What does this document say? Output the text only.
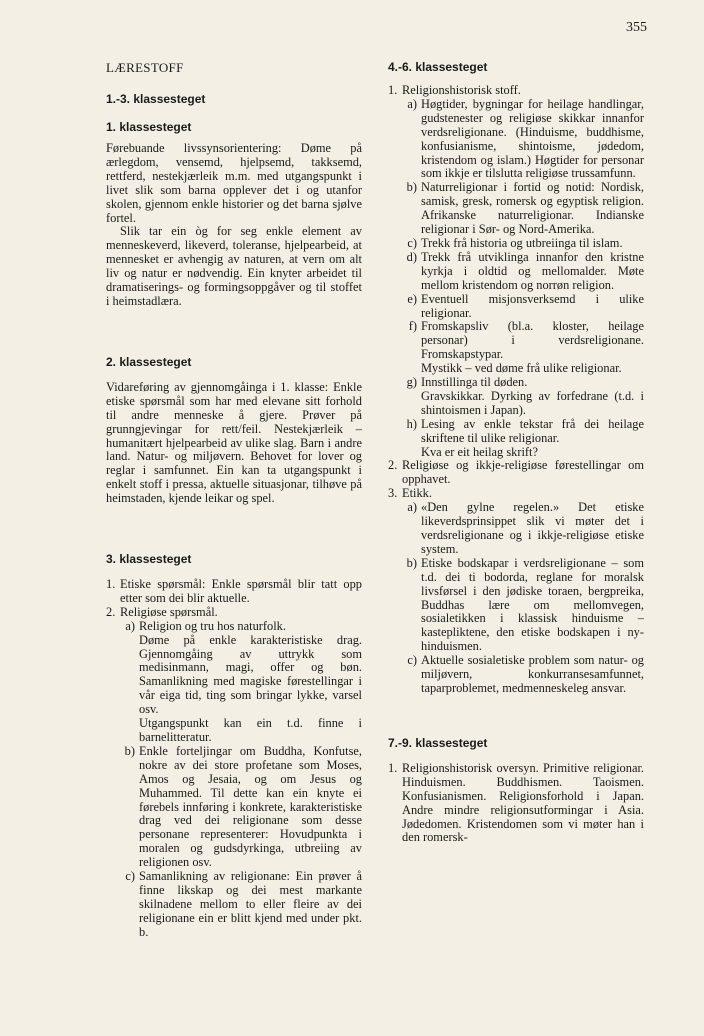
355
LÆRESTOFF
1.-3. klassesteget
1. klassesteget

Førebuande livssynsorientering: Døme på ærlegdom, vensemd, hjelpsemd, takksemd, rettferd, nestekjærleik m.m. med utgangspunkt i livet slik som barna opplever det i og utanfor skolen, gjennom enkle historier og det barna sjølve fortel.

Slik tar ein òg for seg enkle element av menneskeverd, likeverd, toleranse, hjelpearbeid, at mennesket er avhengig av naturen, at vern om alt liv og natur er nødvendig. Ein knyter arbeidet til dramatiserings- og formingsoppgåver og til stoffet i heimstadlæra.

2. klassesteget

Vidareføring av gjennomgåinga i 1. klasse: Enkle etiske spørsmål som har med elevane sitt forhold til andre menneske å gjere. Prøver på grunngjevingar for rett/feil. Nestekjærleik – humanitært hjelpearbeid av ulike slag. Barn i andre land. Natur- og miljøvern. Behovet for lover og reglar i samfunnet. Ein kan ta utgangspunkt i enkelt stoff i pressa, aktuelle situasjonar, tilhøve på heimstaden, kjende leikar og spel.

3. klassesteget
1. Etiske spørsmål: Enkle spørsmål blir tatt opp etter som dei blir aktuelle.
2. Religiøse spørsmål.
a) Religion og tru hos naturfolk.

Døme på enkle karakteristiske drag. Gjennomgåing av uttrykk som medisinmann, magi, offer og bøn. Samanlikning med magiske førestellingar i vår eiga tid, ting som bringar lykke, varsel osv.

Utgangspunkt kan ein t.d. finne i barnelitteratur.

b) Enkle forteljingar om Buddha, Konfutse, nokre av dei store profetane som Moses, Amos og Jesaia, og om Jesus og Muhammed. Til dette kan ein knyte ei førebels innføring i konkrete, karakteristiske drag ved dei religionane som desse personane representerer: Hovudpunkta i moralen og gudsdyrkinga, utbreiing av religionen osv.
c) Samanlikning av religionane: Ein prøver å finne likskap og dei mest markante skilnadene mellom to eller fleire av dei religionane ein er blitt kjend med under pkt. b.
4.-6. klassesteget
1. Religionshistorisk stoff.
a) Høgtider, bygningar for heilage handlingar, gudstenester og religiøse skikkar innanfor verdsreligionane. (Hinduisme, buddhisme, konfusianisme, shintoisme, jødedom, kristendom og islam.) Høgtider for personar som ikkje er tilslutta religiøse trussamfunn.
b) Naturreligionar i fortid og notid: Nordisk, samisk, gresk, romersk og egyptisk religion. Afrikanske naturreligionar. Indianske religionar i Sør- og Nord-Amerika.
c) Trekk frå historia og utbreiinga til islam.
d) Trekk frå utviklinga innanfor den kristne kyrkja i oldtid og mellomalder. Møte mellom kristendom og norrøn religion.
e) Eventuell misjonsverksemd i ulike religionar.
f) Fromskapsliv (bl.a. kloster, heilage personar) i verdsreligionane. Fromskapstypar.

Mystikk – ved døme frå ulike religionar.

g) Innstillinga til døden.

Gravskikkar. Dyrking av forfedrane (t.d. i shintoismen i Japan).

h) Lesing av enkle tekstar frå dei heilage skriftene til ulike religionar.

Kva er eit heilag skrift?

2. Religiøse og ikkje-religiøse førestellingar om opphavet.
3. Etikk.
a) «Den gylne regelen.» Det etiske likeverdsprinsippet slik vi møter det i verdsreligionane og i ikkje-religiøse etiske system.
b) Etiske bodskapar i verdsreligionane – som t.d. dei ti bodorda, reglane for moralsk livsførsel i den jødiske toraen, bergpreika, Buddhas lære om mellomvegen, sosialetikken i klassisk hinduisme – kastepliktene, den etiske bodskapen i ny-hinduismen.
c) Aktuelle sosialetiske problem som natur- og miljøvern, konkurransesamfunnet, taparproblemet, medmenneskeleg ansvar.
7.-9. klassesteget
1. Religionshistorisk oversyn. Primitive religionar. Hinduismen. Buddhismen. Taoismen. Konfusianismen. Religionsforhold i Japan. Andre mindre religionsutformingar i Asia. Jødedomen. Kristendomen som vi møter han i den romersk-
